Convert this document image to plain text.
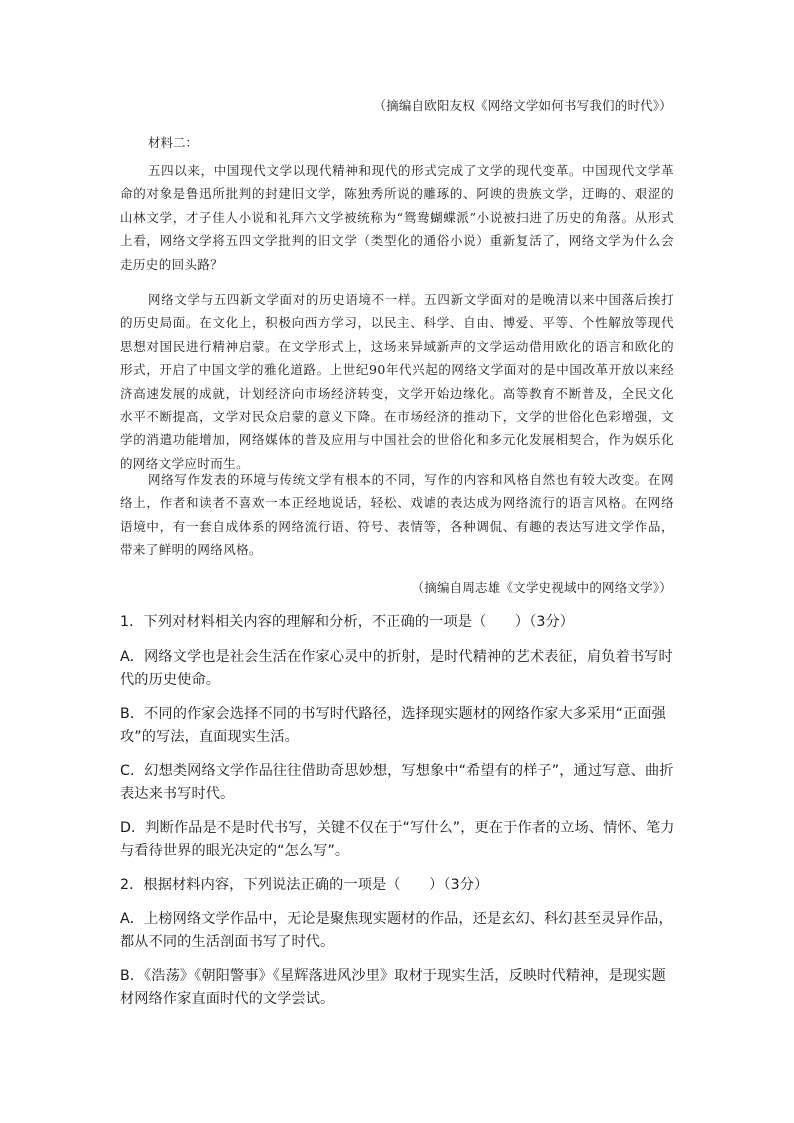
（摘编自欧阳友权《网络文学如何书写我们的时代》）
材料二：
五四以来，中国现代文学以现代精神和现代的形式完成了文学的现代变革。中国现代文学革命的对象是鲁迅所批判的封建旧文学，陈独秀所说的雕琢的、阿谀的贵族文学，迂晦的、艰涩的山林文学，才子佳人小说和礼拜六文学被统称为“鸳鸯蝴蝶派”小说被扫进了历史的角落。从形式上看，网络文学将五四文学批判的旧文学（类型化的通俗小说）重新复活了，网络文学为什么会走历史的回头路？
网络文学与五四新文学面对的历史语境不一样。五四新文学面对的是晚清以来中国落后挨打的历史局面。在文化上，积极向西方学习，以民主、科学、自由、博爱、平等、个性解放等现代思想对国民进行精神启蒙。在文学形式上，这场来异域新声的文学运动借用欧化的语言和欧化的形式，开启了中国文学的雅化道路。上世纪90年代兴起的网络文学面对的是中国改革开放以来经济高速发展的成就，计划经济向市场经济转变，文学开始边缘化。高等教育不断普及，全民文化水平不断提高，文学对民众启蒙的意义下降。在市场经济的推动下，文学的世俗化色彩增强，文学的消遣功能增加，网络媒体的普及应用与中国社会的世俗化和多元化发展相契合，作为娱乐化的网络文学应时而生。
网络写作发表的环境与传统文学有根本的不同，写作的内容和风格自然也有较大改变。在网络上，作者和读者不喜欢一本正经地说话，轻松、戏谑的表达成为网络流行的语言风格。在网络语境中，有一套自成体系的网络流行语、符号、表情等，各种调侃、有趣的表达写进文学作品，带来了鲜明的网络风格。
（摘编自周志雄《文学史视域中的网络文学》）
1．下列对材料相关内容的理解和分析，不正确的一项是（　　）（3分）
A．网络文学也是社会生活在作家心灵中的折射，是时代精神的艺术表征，肩负着书写时代的历史使命。
B．不同的作家会选择不同的书写时代路径，选择现实题材的网络作家大多采用“正面强攻”的写法，直面现实生活。
C．幻想类网络文学作品往往借助奇思妙想，写想象中“希望有的样子”，通过写意、曲折表达来书写时代。
D．判断作品是不是时代书写，关键不仅在于“写什么”，更在于作者的立场、情怀、笔力与看待世界的眼光决定的“怎么写”。
2．根据材料内容，下列说法正确的一项是（　　）（3分）
A．上榜网络文学作品中，无论是聚焦现实题材的作品，还是玄幻、科幻甚至灵异作品，都从不同的生活剖面书写了时代。
B．《浩荡》《朝阳警事》《星辉落进风沙里》取材于现实生活，反映时代精神，是现实题材网络作家直面时代的文学尝试。
